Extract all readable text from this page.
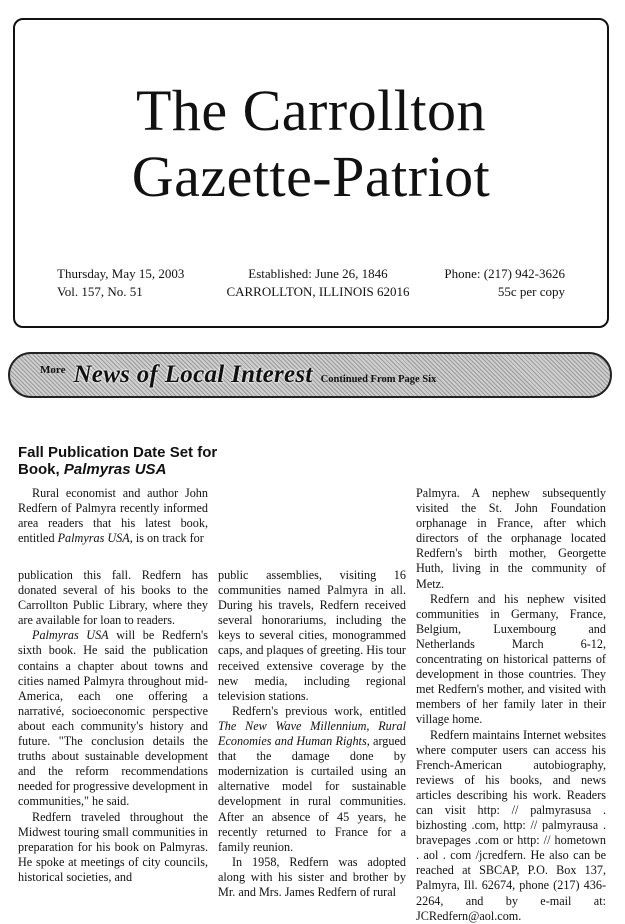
The Carrollton
Gazette-Patriot
Thursday, May 15, 2003
Vol. 157, No. 51
Established: June 26, 1846
CARROLLTON, ILLINOIS 62016
Phone: (217) 942-3626
55c per copy
More News of Local Interest Continued From Page Six
Fall Publication Date Set for Book, Palmyras USA

Rural economist and author John Redfern of Palmyra recently informed area readers that his latest book, entitled Palmyras USA, is on track for

publication this fall. Redfern has donated several of his books to the Carrollton Public Library, where they are available for loan to readers.

Palmyras USA will be Redfern's sixth book. He said the publication contains a chapter about towns and cities named Palmyra throughout mid-America, each one offering a narrativé, socioeconomic perspective about each community's history and future. "The conclusion details the truths about sustainable development and the reform recommendations needed for progressive development in communities," he said.

Redfern traveled throughout the Midwest touring small communities in preparation for his book on Palmyras. He spoke at meetings of city councils, historical societies, and

public assemblies, visiting 16 communities named Palmyra in all. During his travels, Redfern received several honorariums, including the keys to several cities, monogrammed caps, and plaques of greeting. His tour received extensive coverage by the new media, including regional television stations.

Redfern's previous work, entitled The New Wave Millennium, Rural Economies and Human Rights, argued that the damage done by modernization is curtailed using an alternative model for sustainable development in rural communities. After an absence of 45 years, he recently returned to France for a family reunion.

In 1958, Redfern was adopted along with his sister and brother by Mr. and Mrs. James Redfern of rural

Palmyra. A nephew subsequently visited the St. John Foundation orphanage in France, after which directors of the orphanage located Redfern's birth mother, Georgette Huth, living in the community of Metz.

Redfern and his nephew visited communities in Germany, France, Belgium, Luxembourg and Netherlands March 6-12, concentrating on historical patterns of development in those countries. They met Redfern's mother, and visited with members of her family later in their village home.

Redfern maintains Internet websites where computer users can access his French-American autobiography, reviews of his books, and news articles describing his work. Readers can visit http: // palmyrasusa . bizhosting .com, http: // palmyrausa . bravepages .com or http: // hometown . aol . com /jcredfern. He also can be reached at SBCAP, P.O. Box 137, Palmyra, Ill. 62674, phone (217) 436-2264, and by e-mail at: JCRedfern@aol.com.
